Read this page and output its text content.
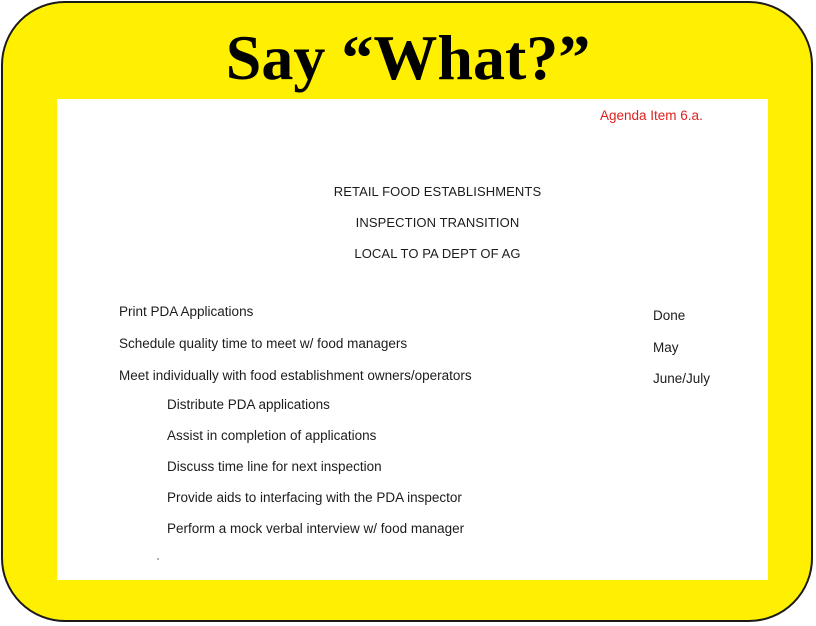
Say “What?”

Agenda Item 6.a.

RETAIL FOOD ESTABLISHMENTS

INSPECTION TRANSITION

LOCAL TO PA DEPT OF AG

Print PDA Applications	Done

Schedule quality time to meet w/ food managers	May

Meet individually with food establishment owners/operators	June/July

Distribute PDA applications

Assist in completion of applications

Discuss time line for next inspection

Provide aids to interfacing with the PDA inspector

Perform a mock verbal interview w/ food manager
